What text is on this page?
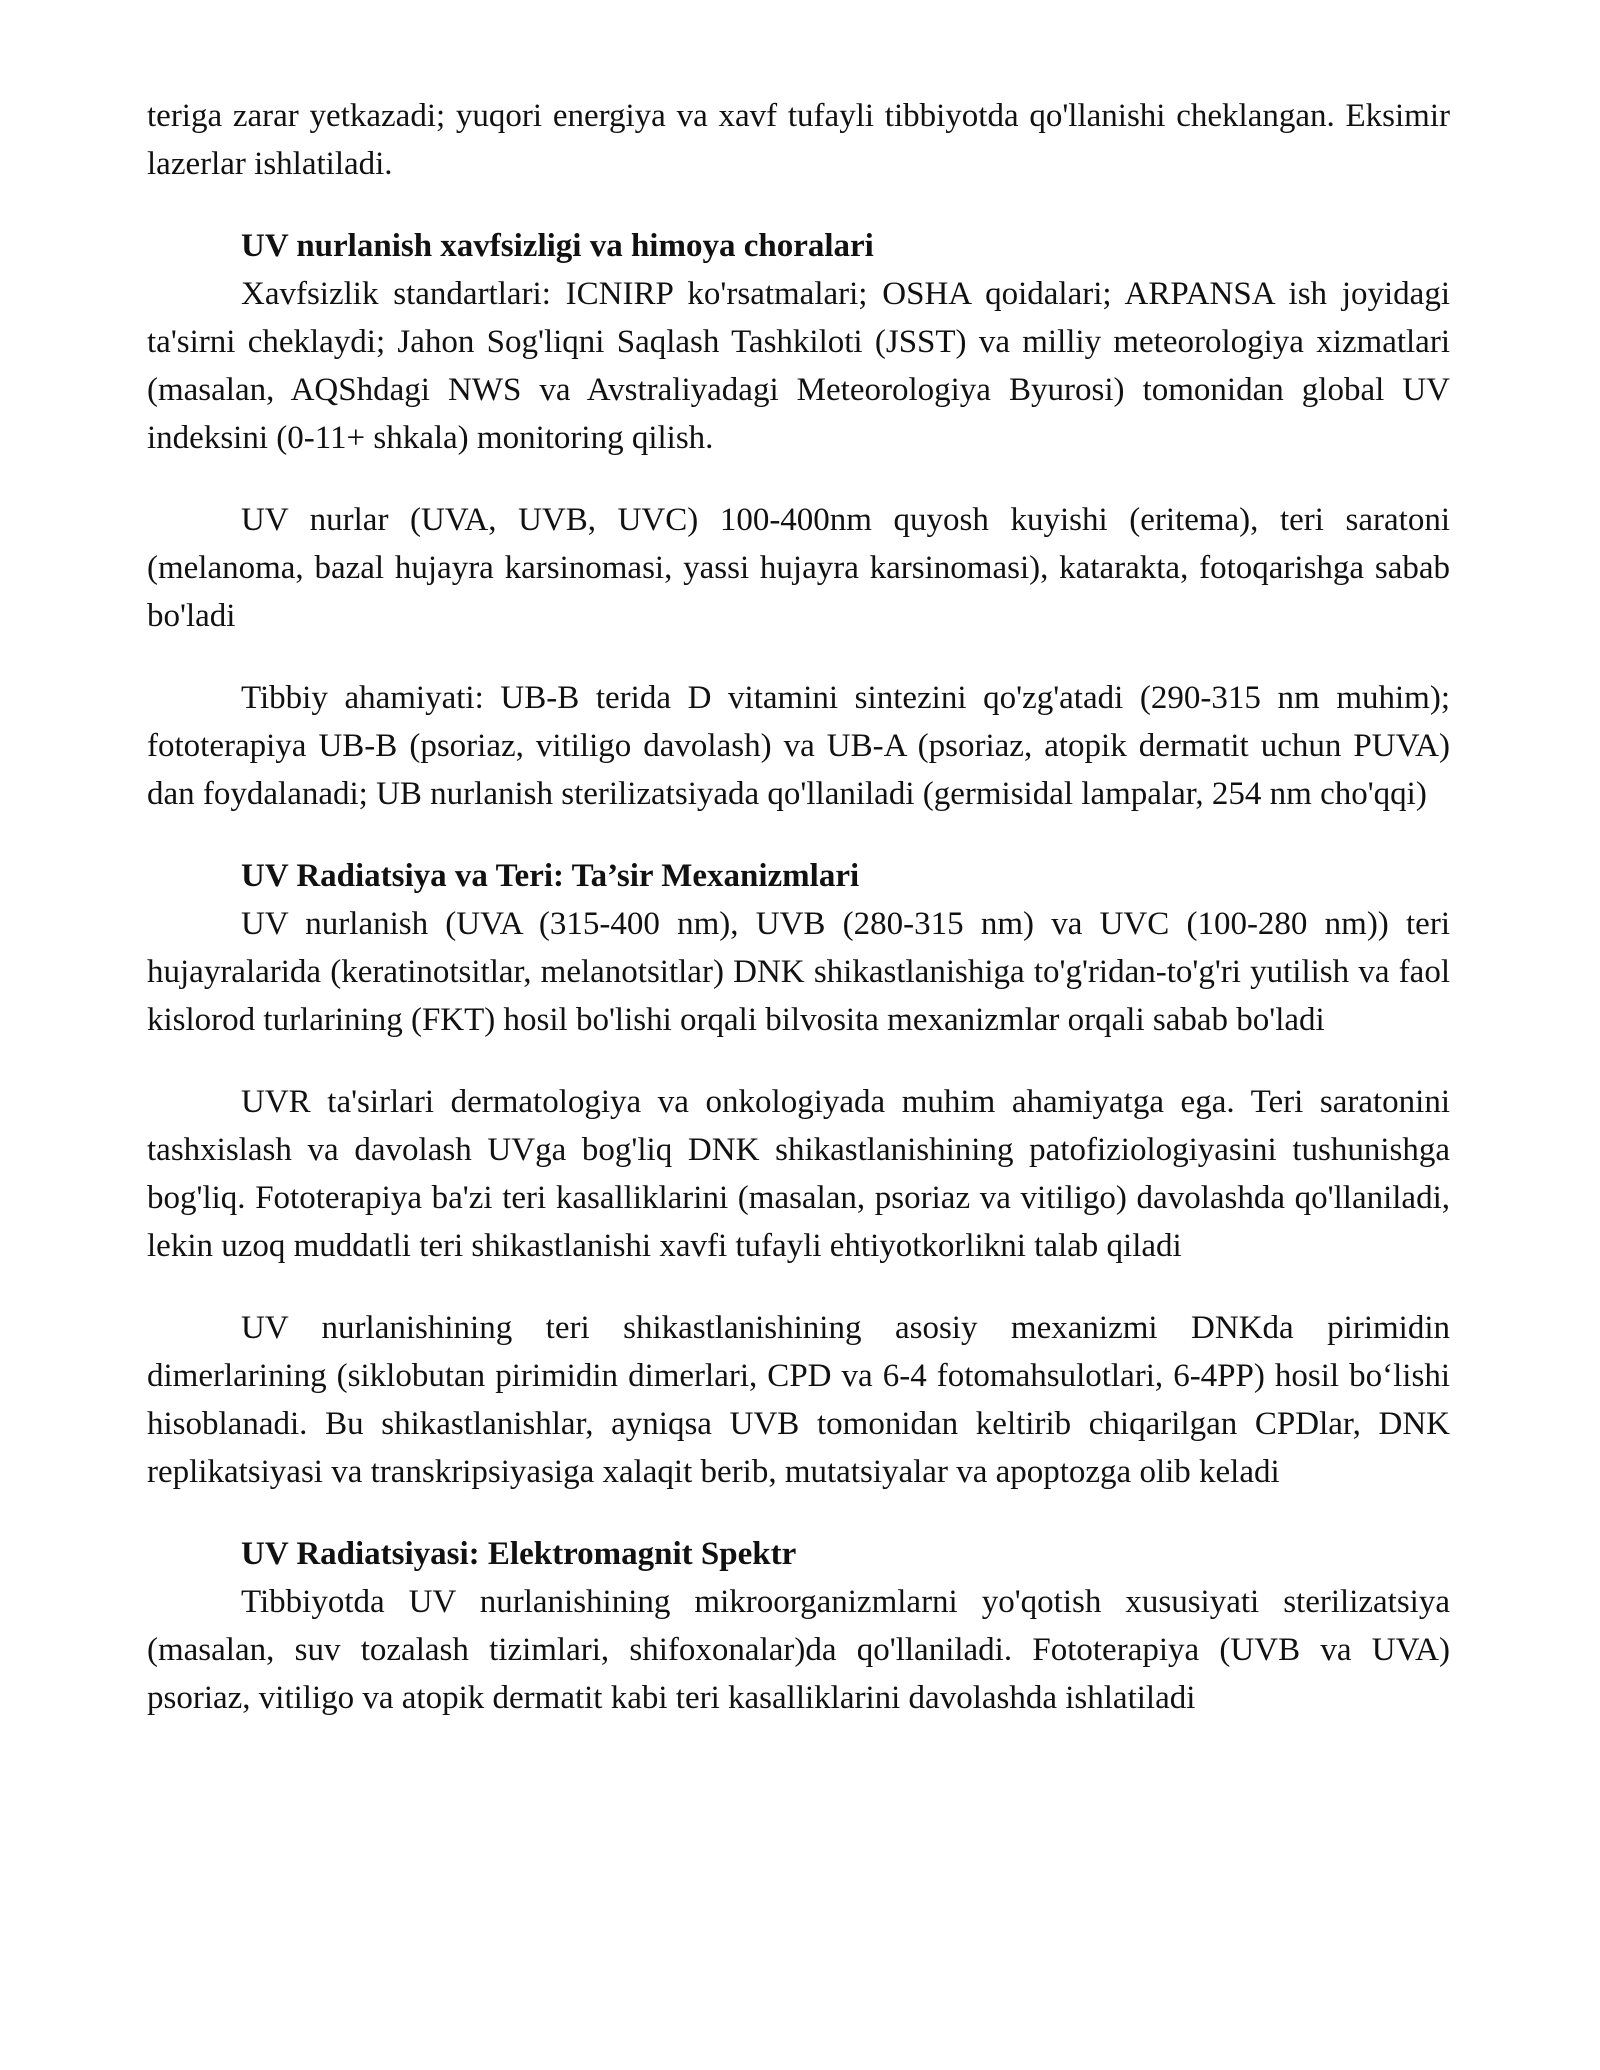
teriga zarar yetkazadi; yuqori energiya va xavf tufayli tibbiyotda qo'llanishi cheklangan. Eksimir lazerlar ishlatiladi.

UV nurlanish xavfsizligi va himoya choralari

Xavfsizlik standartlari: ICNIRP ko'rsatmalari; OSHA qoidalari; ARPANSA ish joyidagi ta'sirni cheklaydi; Jahon Sog'liqni Saqlash Tashkiloti (JSST) va milliy meteorologiya xizmatlari (masalan, AQShdagi NWS va Avstraliyadagi Meteorologiya Byurosi) tomonidan global UV indeksini (0-11+ shkala) monitoring qilish.

UV nurlar (UVA, UVB, UVC) 100-400nm quyosh kuyishi (eritema), teri saratoni (melanoma, bazal hujayra karsinomasi, yassi hujayra karsinomasi), katarakta, fotoqarishga sabab bo'ladi

Tibbiy ahamiyati: UB-B terida D vitamini sintezini qo'zg'atadi (290-315 nm muhim); fototerapiya UB-B (psoriaz, vitiligo davolash) va UB-A (psoriaz, atopik dermatit uchun PUVA) dan foydalanadi; UB nurlanish sterilizatsiyada qo'llaniladi (germisidal lampalar, 254 nm cho'qqi)

UV Radiatsiya va Teri: Ta’sir Mexanizmlari

UV nurlanish (UVA (315-400 nm), UVB (280-315 nm) va UVC (100-280 nm)) teri hujayralarida (keratinotsitlar, melanotsitlar) DNK shikastlanishiga to'g'ridan-to'g'ri yutilish va faol kislorod turlarining (FKT) hosil bo'lishi orqali bilvosita mexanizmlar orqali sabab bo'ladi

UVR ta'sirlari dermatologiya va onkologiyada muhim ahamiyatga ega. Teri saratonini tashxislash va davolash UVga bog'liq DNK shikastlanishining patofiziologiyasini tushunishga bog'liq. Fototerapiya ba'zi teri kasalliklarini (masalan, psoriaz va vitiligo) davolashda qo'llaniladi, lekin uzoq muddatli teri shikastlanishi xavfi tufayli ehtiyotkorlikni talab qiladi

UV nurlanishining teri shikastlanishining asosiy mexanizmi DNKda pirimidin dimerlarining (siklobutan pirimidin dimerlari, CPD va 6-4 fotomahsulotlari, 6-4PP) hosil bo‘lishi hisoblanadi. Bu shikastlanishlar, ayniqsa UVB tomonidan keltirib chiqarilgan CPDlar, DNK replikatsiyasi va transkripsiyasiga xalaqit berib, mutatsiyalar va apoptozga olib keladi

UV Radiatsiyasi: Elektromagnit Spektr

Tibbiyotda UV nurlanishining mikroorganizmlarni yo'qotish xususiyati sterilizatsiya (masalan, suv tozalash tizimlari, shifoxonalar)da qo'llaniladi. Fototerapiya (UVB va UVA) psoriaz, vitiligo va atopik dermatit kabi teri kasalliklarini davolashda ishlatiladi
